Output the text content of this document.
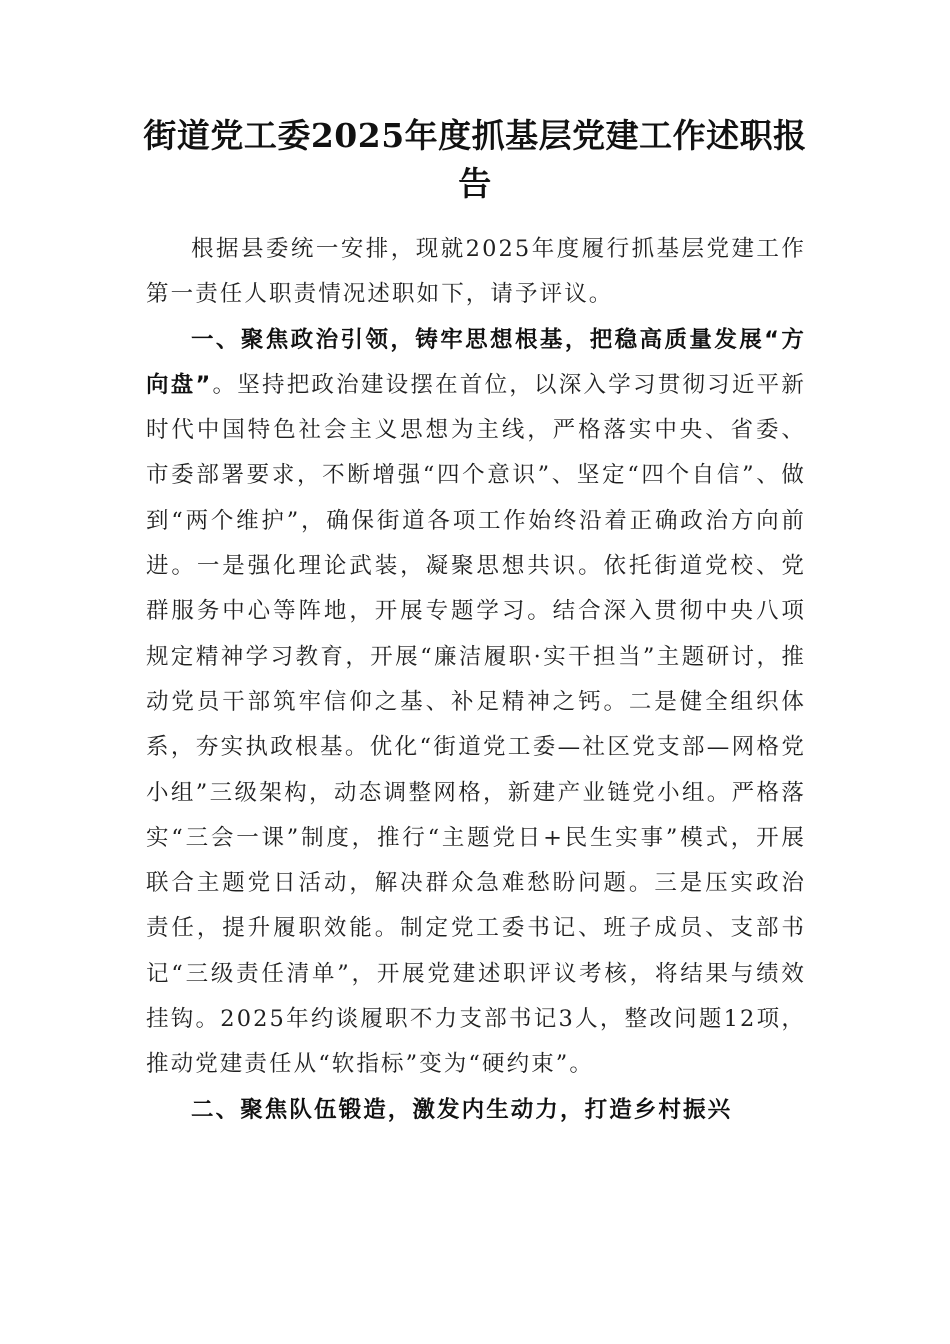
街道党工委2025年度抓基层党建工作述职报告

根据县委统一安排，现就2025年度履行抓基层党建工作第一责任人职责情况述职如下，请予评议。

一、聚焦政治引领，铸牢思想根基，把稳高质量发展“方向盘”。坚持把政治建设摆在首位，以深入学习贯彻习近平新时代中国特色社会主义思想为主线，严格落实中央、省委、市委部署要求，不断增强“四个意识”、坚定“四个自信”、做到“两个维护”，确保街道各项工作始终沿着正确政治方向前进。一是强化理论武装，凝聚思想共识。依托街道党校、党群服务中心等阵地，开展专题学习。结合深入贯彻中央八项规定精神学习教育，开展“廉洁履职·实干担当”主题研讨，推动党员干部筑牢信仰之基、补足精神之钙。二是健全组织体系，夯实执政根基。优化“街道党工委—社区党支部—网格党小组”三级架构，动态调整网格，新建产业链党小组。严格落实“三会一课”制度，推行“主题党日+民生实事”模式，开展联合主题党日活动，解决群众急难愁盼问题。三是压实政治责任，提升履职效能。制定党工委书记、班子成员、支部书记“三级责任清单”，开展党建述职评议考核，将结果与绩效挂钩。2025年约谈履职不力支部书记3人，整改问题12项，推动党建责任从“软指标”变为“硬约束”。

二、聚焦队伍锻造，激发内生动力，打造乡村振兴
